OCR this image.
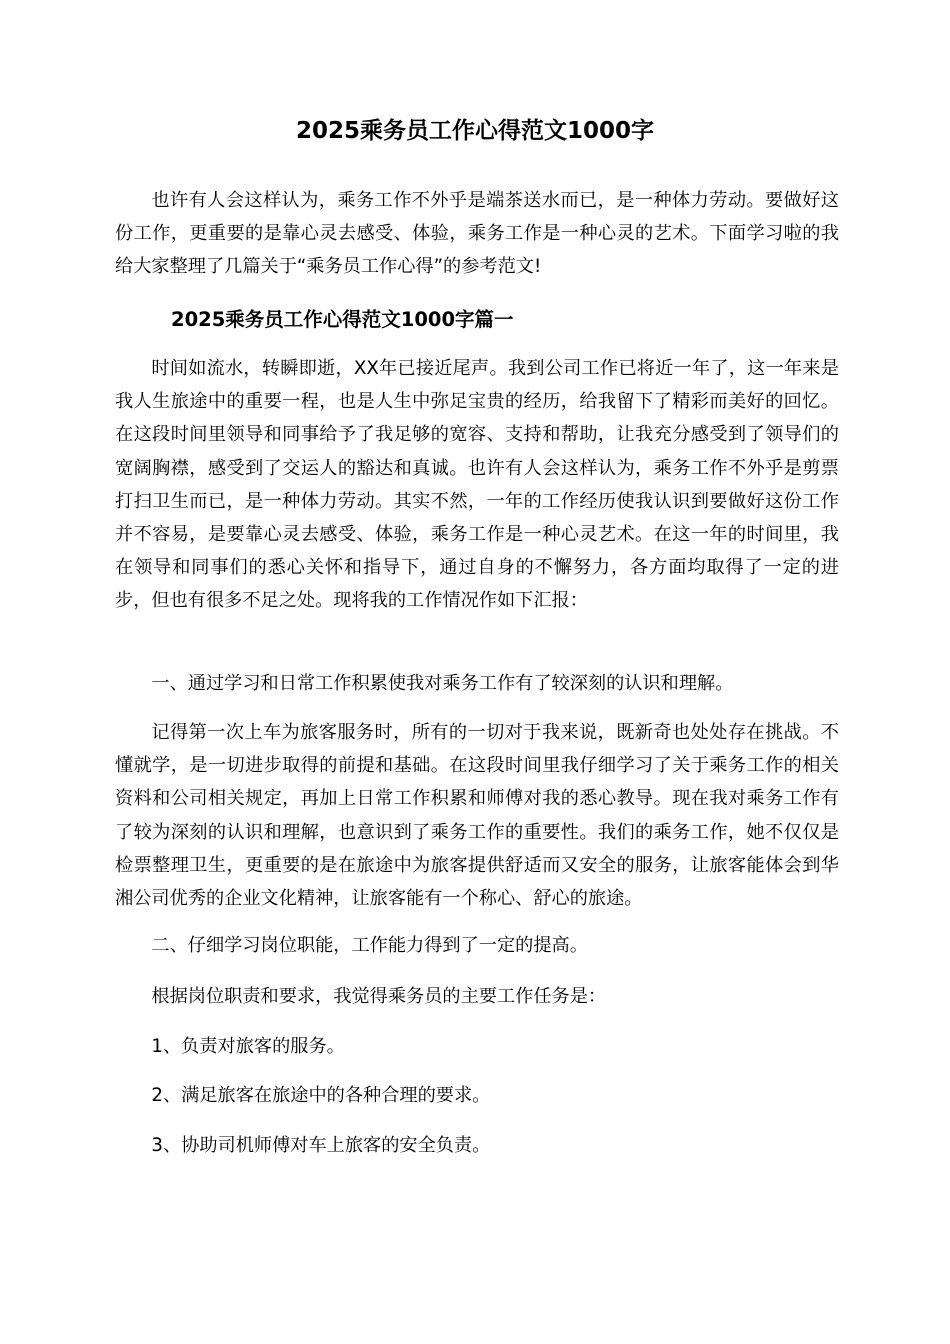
2025乘务员工作心得范文1000字

也许有人会这样认为，乘务工作不外乎是端茶送水而已，是一种体力劳动。要做好这份工作，更重要的是靠心灵去感受、体验，乘务工作是一种心灵的艺术。下面学习啦的我给大家整理了几篇关于“乘务员工作心得”的参考范文!

2025乘务员工作心得范文1000字篇一

时间如流水，转瞬即逝，XX年已接近尾声。我到公司工作已将近一年了，这一年来是我人生旅途中的重要一程，也是人生中弥足宝贵的经历，给我留下了精彩而美好的回忆。在这段时间里领导和同事给予了我足够的宽容、支持和帮助，让我充分感受到了领导们的宽阔胸襟，感受到了交运人的豁达和真诚。也许有人会这样认为，乘务工作不外乎是剪票打扫卫生而已，是一种体力劳动。其实不然，一年的工作经历使我认识到要做好这份工作并不容易，是要靠心灵去感受、体验，乘务工作是一种心灵艺术。在这一年的时间里，我在领导和同事们的悉心关怀和指导下，通过自身的不懈努力，各方面均取得了一定的进步，但也有很多不足之处。现将我的工作情况作如下汇报：

一、通过学习和日常工作积累使我对乘务工作有了较深刻的认识和理解。

记得第一次上车为旅客服务时，所有的一切对于我来说，既新奇也处处存在挑战。不懂就学，是一切进步取得的前提和基础。在这段时间里我仔细学习了关于乘务工作的相关资料和公司相关规定，再加上日常工作积累和师傅对我的悉心教导。现在我对乘务工作有了较为深刻的认识和理解，也意识到了乘务工作的重要性。我们的乘务工作，她不仅仅是检票整理卫生，更重要的是在旅途中为旅客提供舒适而又安全的服务，让旅客能体会到华湘公司优秀的企业文化精神，让旅客能有一个称心、舒心的旅途。

二、仔细学习岗位职能，工作能力得到了一定的提高。

根据岗位职责和要求，我觉得乘务员的主要工作任务是：

1、负责对旅客的服务。

2、满足旅客在旅途中的各种合理的要求。

3、协助司机师傅对车上旅客的安全负责。
